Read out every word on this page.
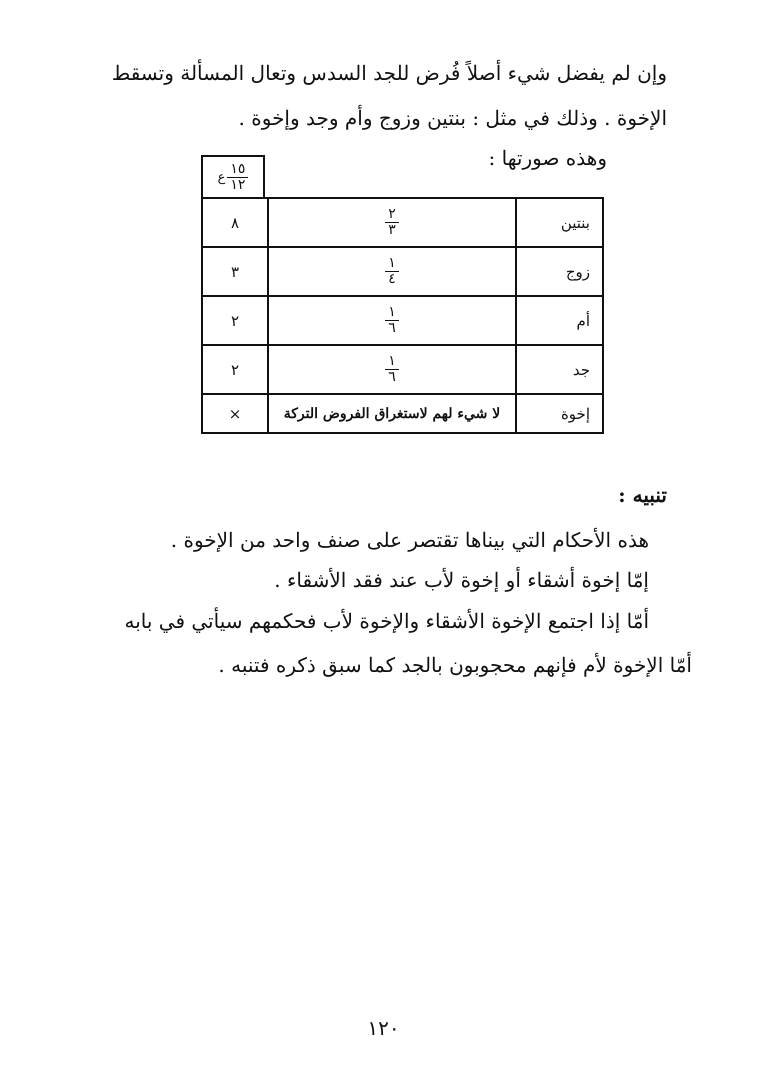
وإن لم يفضل شيء أصلاً فُرض للجد السدس وتعال المسألة وتسقط
الإخوة . وذلك في مثل : بنتين وزوج وأم وجد وإخوة .
وهذه صورتها :
ع $\frac{١٥}{١٢}$
٨	$\frac{٢}{٣}$	بنتين
٣	$\frac{١}{٤}$	زوج
٢	$\frac{١}{٦}$	أم
٢	$\frac{١}{٦}$	جد
×	لا شيء لهم لاستغراق الفروض التركة	إخوة
تنبيه :
هذه الأحكام التي بيناها تقتصر على صنف واحد من الإخوة .
إمّا إخوة أشقاء أو إخوة لأب عند فقد الأشقاء .
أمّا إذا اجتمع الإخوة الأشقاء والإخوة لأب فحكمهم سيأتي في بابه
أمّا الإخوة لأم فإنهم محجوبون بالجد كما سبق ذكره فتنبه .
١٢٠
